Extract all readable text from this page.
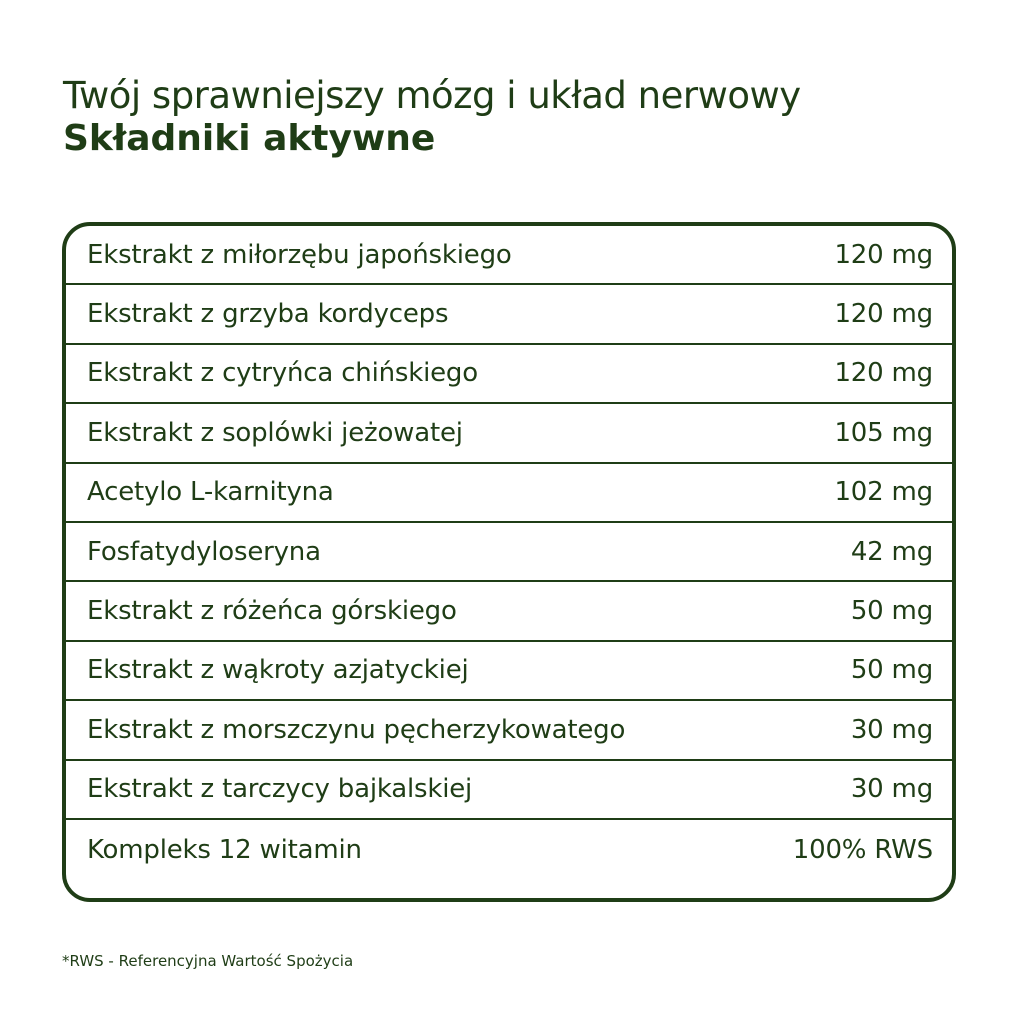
Twój sprawniejszy mózg i układ nerwowy

Składniki aktywne

Ekstrakt z miłorzębu japońskiego	120 mg
Ekstrakt z grzyba kordyceps	120 mg
Ekstrakt z cytryńca chińskiego	120 mg
Ekstrakt z soplówki jeżowatej	105 mg
Acetylo L-karnityna	102 mg
Fosfatydyloseryna	42 mg
Ekstrakt z różeńca górskiego	50 mg
Ekstrakt z wąkroty azjatyckiej	50 mg
Ekstrakt z morszczynu pęcherzykowatego	30 mg
Ekstrakt z tarczycy bajkalskiej	30 mg
Kompleks 12 witamin	100% RWS
*RWS - Referencyjna Wartość Spożycia
